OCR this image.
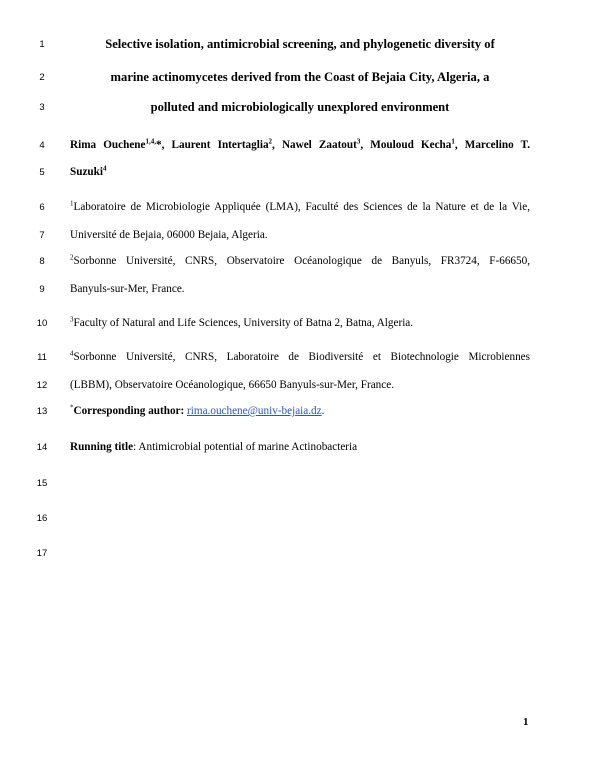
1
2
3
4
5
6
7
8
9
10
11
12
13
14
15
16
17
Selective isolation, antimicrobial screening, and phylogenetic diversity of
marine actinomycetes derived from the Coast of Bejaia City, Algeria, a
polluted and microbiologically unexplored environment
Rima Ouchene$^{1,4,}$*, Laurent Intertaglia$^2$, Nawel Zaatout$^3$, Mouloud Kecha$^1$, Marcelino T.
Suzuki$^4$
$^1$Laboratoire de Microbiologie Appliquée (LMA), Faculté des Sciences de la Nature et de la Vie,
Université de Bejaia, 06000 Bejaia, Algeria.
$^2$Sorbonne Université, CNRS, Observatoire Océanologique de Banyuls, FR3724, F-66650,
Banyuls-sur-Mer, France.
$^3$Faculty of Natural and Life Sciences, University of Batna 2, Batna, Algeria.
$^4$Sorbonne Université, CNRS, Laboratoire de Biodiversité et Biotechnologie Microbiennes
(LBBM), Observatoire Océanologique, 66650 Banyuls-sur-Mer, France.
*Corresponding author: rima.ouchene@univ-bejaia.dz.
Running title: Antimicrobial potential of marine Actinobacteria
1
